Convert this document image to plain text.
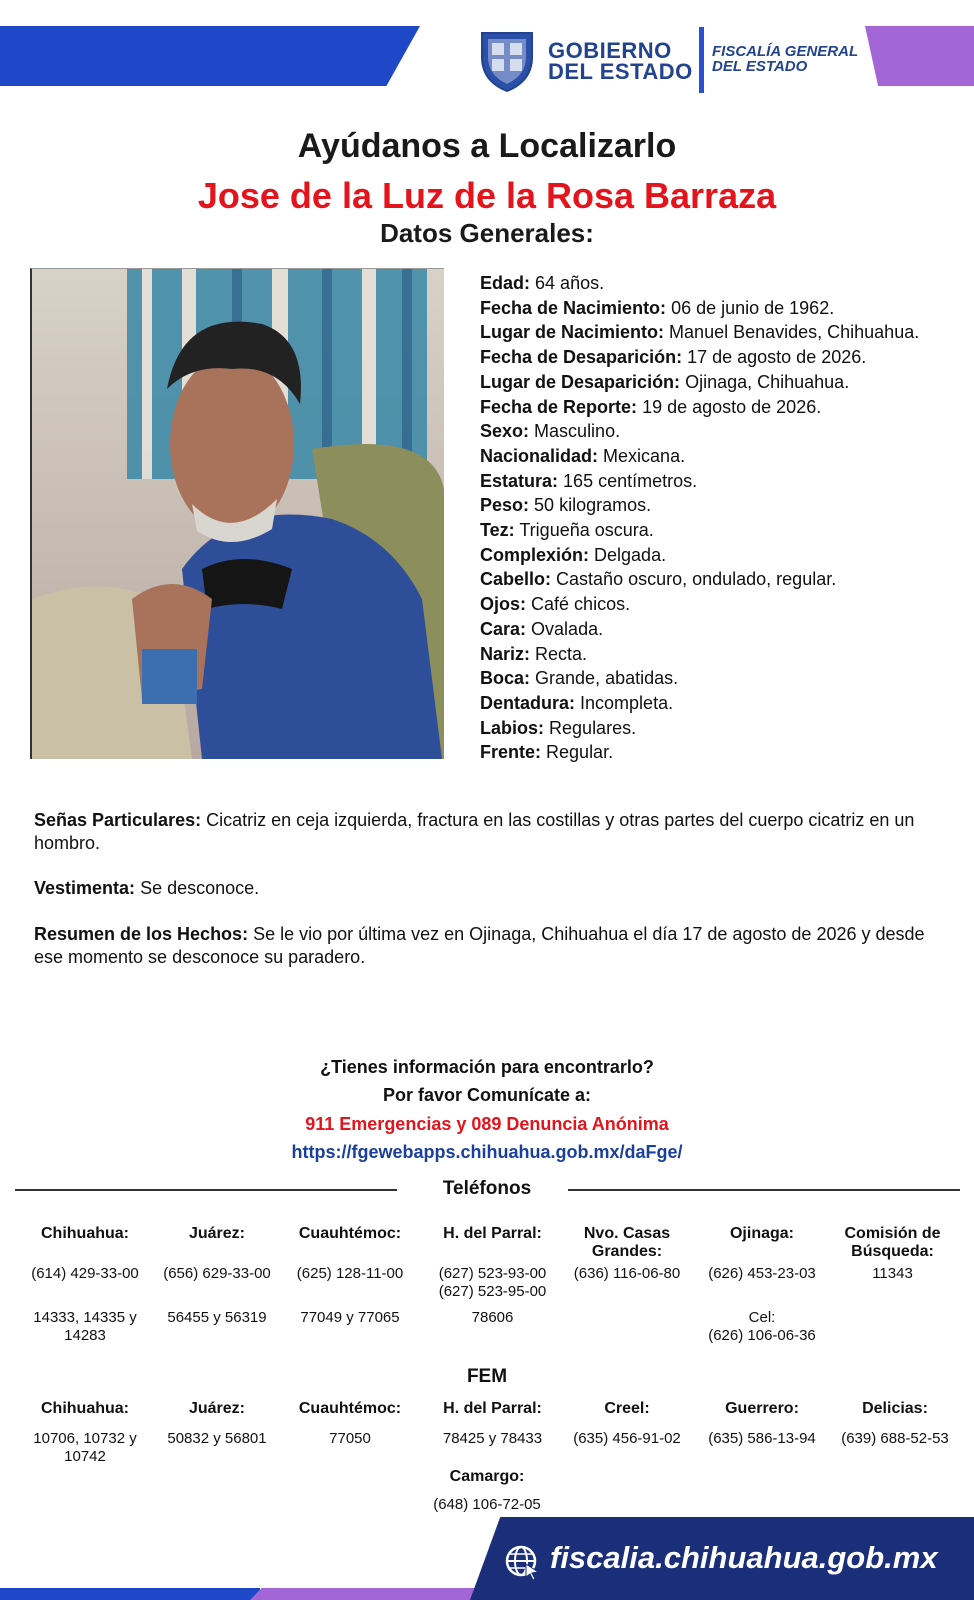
GOBIERNO
DEL ESTADO
FISCALÍA GENERAL
DEL ESTADO
Ayúdanos a Localizarlo
Jose de la Luz de la Rosa Barraza
Datos Generales:
Edad: 64 años.
Fecha de Nacimiento: 06 de junio de 1962.
Lugar de Nacimiento: Manuel Benavides, Chihuahua.
Fecha de Desaparición: 17 de agosto de 2026.
Lugar de Desaparición: Ojinaga, Chihuahua.
Fecha de Reporte: 19 de agosto de 2026.
Sexo: Masculino.
Nacionalidad: Mexicana.
Estatura: 165 centímetros.
Peso: 50 kilogramos.
Tez: Trigueña oscura.
Complexión: Delgada.
Cabello: Castaño oscuro, ondulado, regular.
Ojos: Café chicos.
Cara: Ovalada.
Nariz: Recta.
Boca: Grande, abatidas.
Dentadura: Incompleta.
Labios: Regulares.
Frente: Regular.
Señas Particulares: Cicatriz en ceja izquierda, fractura en las costillas y otras partes del cuerpo cicatriz en un hombro.
Vestimenta: Se desconoce.
Resumen de los Hechos: Se le vio por última vez en Ojinaga, Chihuahua el día 17 de agosto de 2026 y desde ese momento se desconoce su paradero.
¿Tienes información para encontrarlo?
Por favor Comunícate a:
911 Emergencias y 089 Denuncia Anónima
https://fgewebapps.chihuahua.gob.mx/daFge/
Teléfonos
Chihuahua:
(614) 429-33-00
14333, 14335 y 14283
Juárez:
(656) 629-33-00
56455 y 56319
Cuauhtémoc:
(625) 128-11-00
77049 y 77065
H. del Parral:
(627) 523-93-00
(627) 523-95-00
78606
Nvo. Casas Grandes:
(636) 116-06-80
Ojinaga:
(626) 453-23-03
Cel:
(626) 106-06-36
Comisión de Búsqueda:
11343
FEM
Chihuahua:
10706, 10732 y 10742
Juárez:
50832 y 56801
Cuauhtémoc:
77050
H. del Parral:
78425 y 78433
Creel:
(635) 456-91-02
Guerrero:
(635) 586-13-94
Delicias:
(639) 688-52-53
Camargo:
(648) 106-72-05
fiscalia.chihuahua.gob.mx
